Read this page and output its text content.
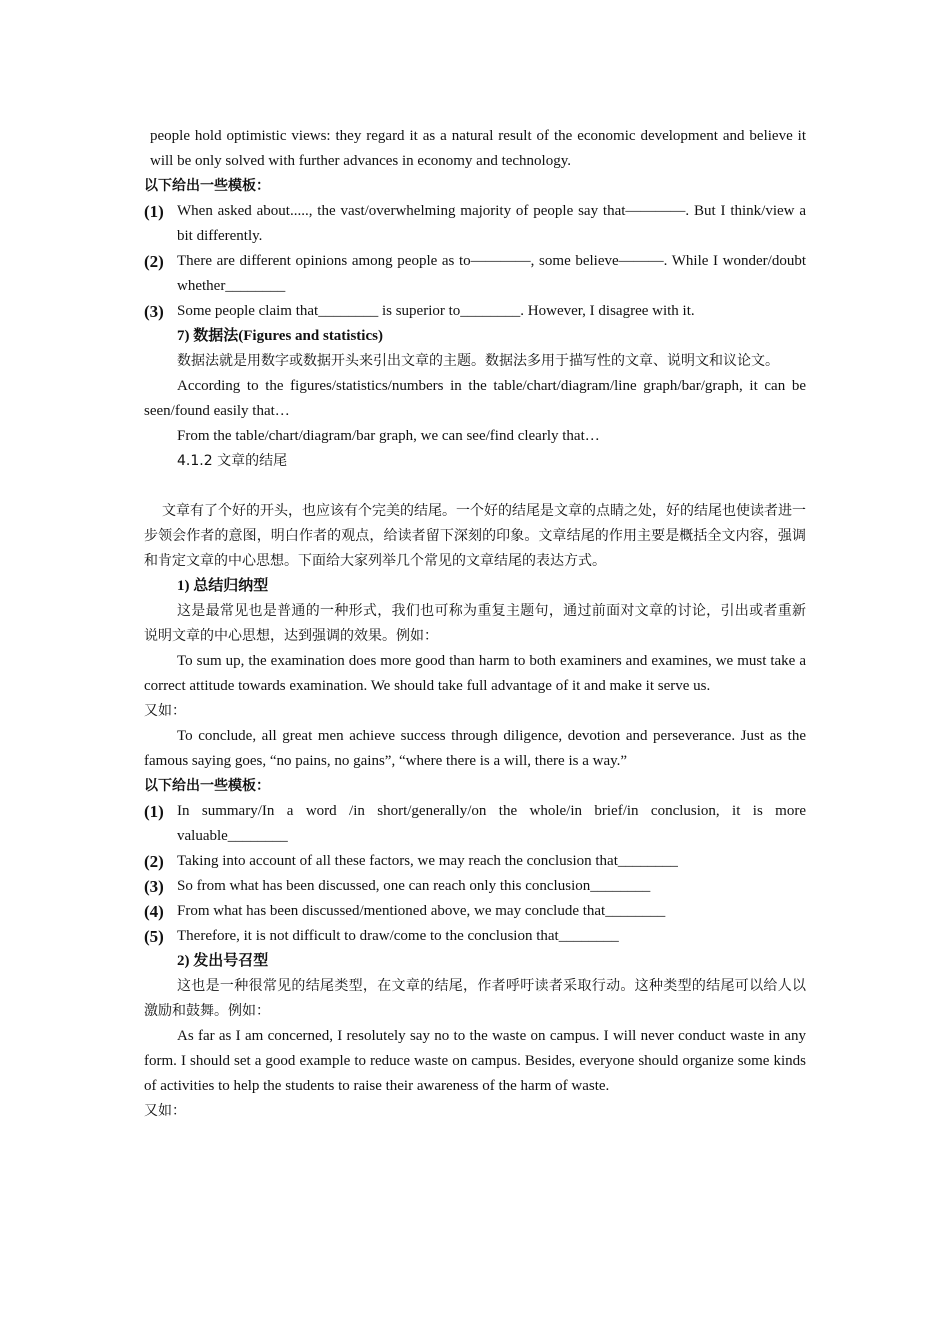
people hold optimistic views: they regard it as a natural result of the economic development and believe it will be only solved with further advances in economy and technology.

以下给出一些模板：

(1) When asked about....., the vast/overwhelming majority of people say that————. But I think/view a bit differently.
(2) There are different opinions among people as to————, some believe———. While I wonder/doubt whether________
(3) Some people claim that________ is superior to________. However, I disagree with it.

7) 数据法(Figures and statistics)

数据法就是用数字或数据开头来引出文章的主题。数据法多用于描写性的文章、说明文和议论文。

According to the figures/statistics/numbers in the table/chart/diagram/line graph/bar/graph, it can be seen/found easily that…

From the table/chart/diagram/bar graph, we can see/find clearly that…

4.1.2 文章的结尾

文章有了个好的开头，也应该有个完美的结尾。一个好的结尾是文章的点睛之处，好的结尾也使读者进一步领会作者的意图，明白作者的观点，给读者留下深刻的印象。文章结尾的作用主要是概括全文内容，强调和肯定文章的中心思想。下面给大家列举几个常见的文章结尾的表达方式。

1) 总结归纳型

这是最常见也是普通的一种形式，我们也可称为重复主题句，通过前面对文章的讨论，引出或者重新说明文章的中心思想，达到强调的效果。例如：

To sum up, the examination does more good than harm to both examiners and examines, we must take a correct attitude towards examination. We should take full advantage of it and make it serve us.

又如：

To conclude, all great men achieve success through diligence, devotion and perseverance. Just as the famous saying goes, “no pains, no gains”, “where there is a will, there is a way.”

以下给出一些模板：

(1) In summary/In a word /in short/generally/on the whole/in brief/in conclusion, it is more valuable________
(2) Taking into account of all these factors, we may reach the conclusion that________
(3) So from what has been discussed, one can reach only this conclusion________
(4) From what has been discussed/mentioned above, we may conclude that________
(5) Therefore, it is not difficult to draw/come to the conclusion that________

2) 发出号召型

这也是一种很常见的结尾类型，在文章的结尾，作者呼吁读者采取行动。这种类型的结尾可以给人以激励和鼓舞。例如：

As far as I am concerned, I resolutely say no to the waste on campus. I will never conduct waste in any form. I should set a good example to reduce waste on campus. Besides, everyone should organize some kinds of activities to help the students to raise their awareness of the harm of waste.

又如：
